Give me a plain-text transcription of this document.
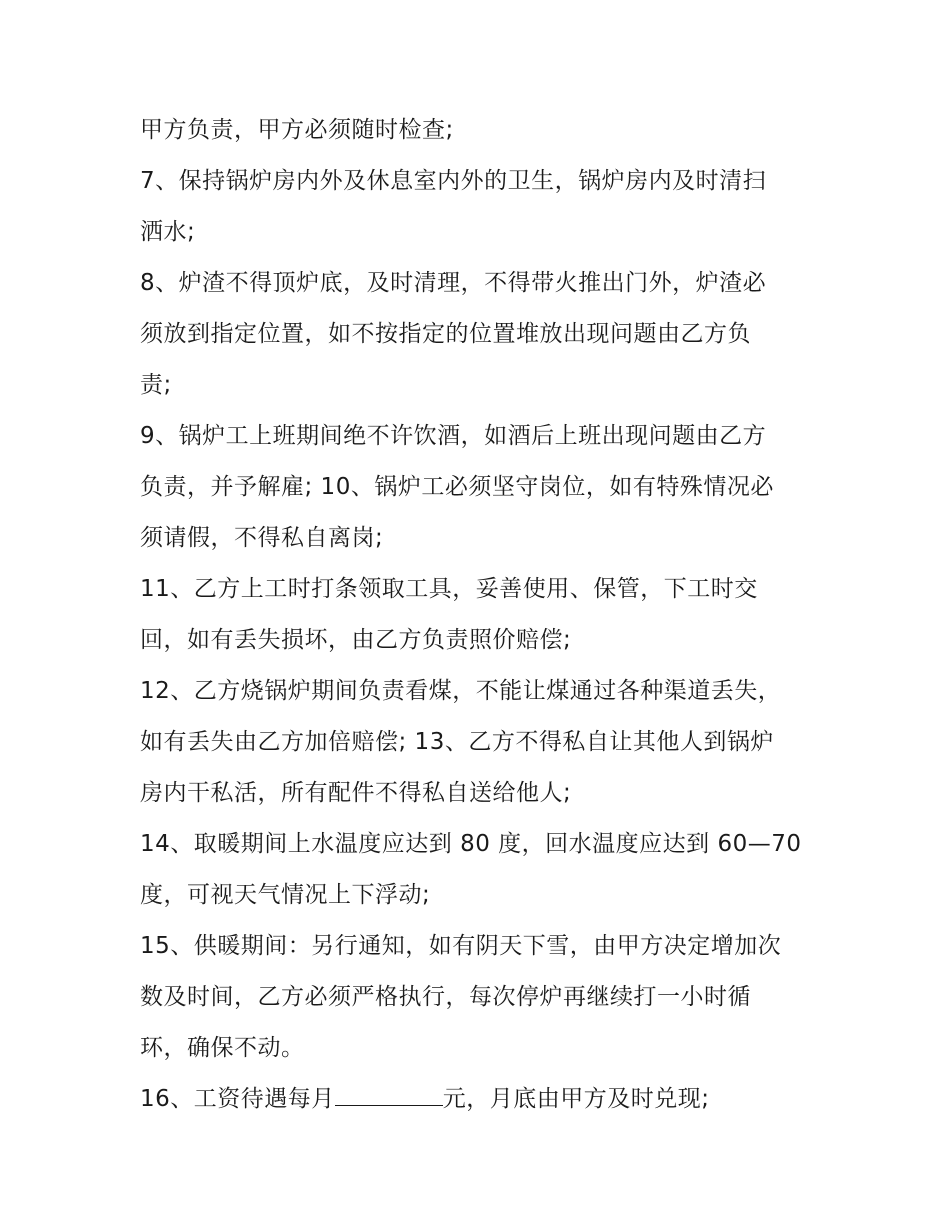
甲方负责，甲方必须随时检查;
7、保持锅炉房内外及休息室内外的卫生，锅炉房内及时清扫
洒水;
8、炉渣不得顶炉底，及时清理，不得带火推出门外，炉渣必
须放到指定位置，如不按指定的位置堆放出现问题由乙方负
责;
9、锅炉工上班期间绝不许饮酒，如酒后上班出现问题由乙方
负责，并予解雇; 10、锅炉工必须坚守岗位，如有特殊情况必
须请假，不得私自离岗;
11、乙方上工时打条领取工具，妥善使用、保管，下工时交
回，如有丢失损坏，由乙方负责照价赔偿;
12、乙方烧锅炉期间负责看煤，不能让煤通过各种渠道丢失，
如有丢失由乙方加倍赔偿; 13、乙方不得私自让其他人到锅炉
房内干私活，所有配件不得私自送给他人;
14、取暖期间上水温度应达到 80 度，回水温度应达到 60—70
度，可视天气情况上下浮动;
15、供暖期间：另行通知，如有阴天下雪，由甲方决定增加次
数及时间，乙方必须严格执行，每次停炉再继续打一小时循
环，确保不动。
16、工资待遇每月	元，月底由甲方及时兑现;
